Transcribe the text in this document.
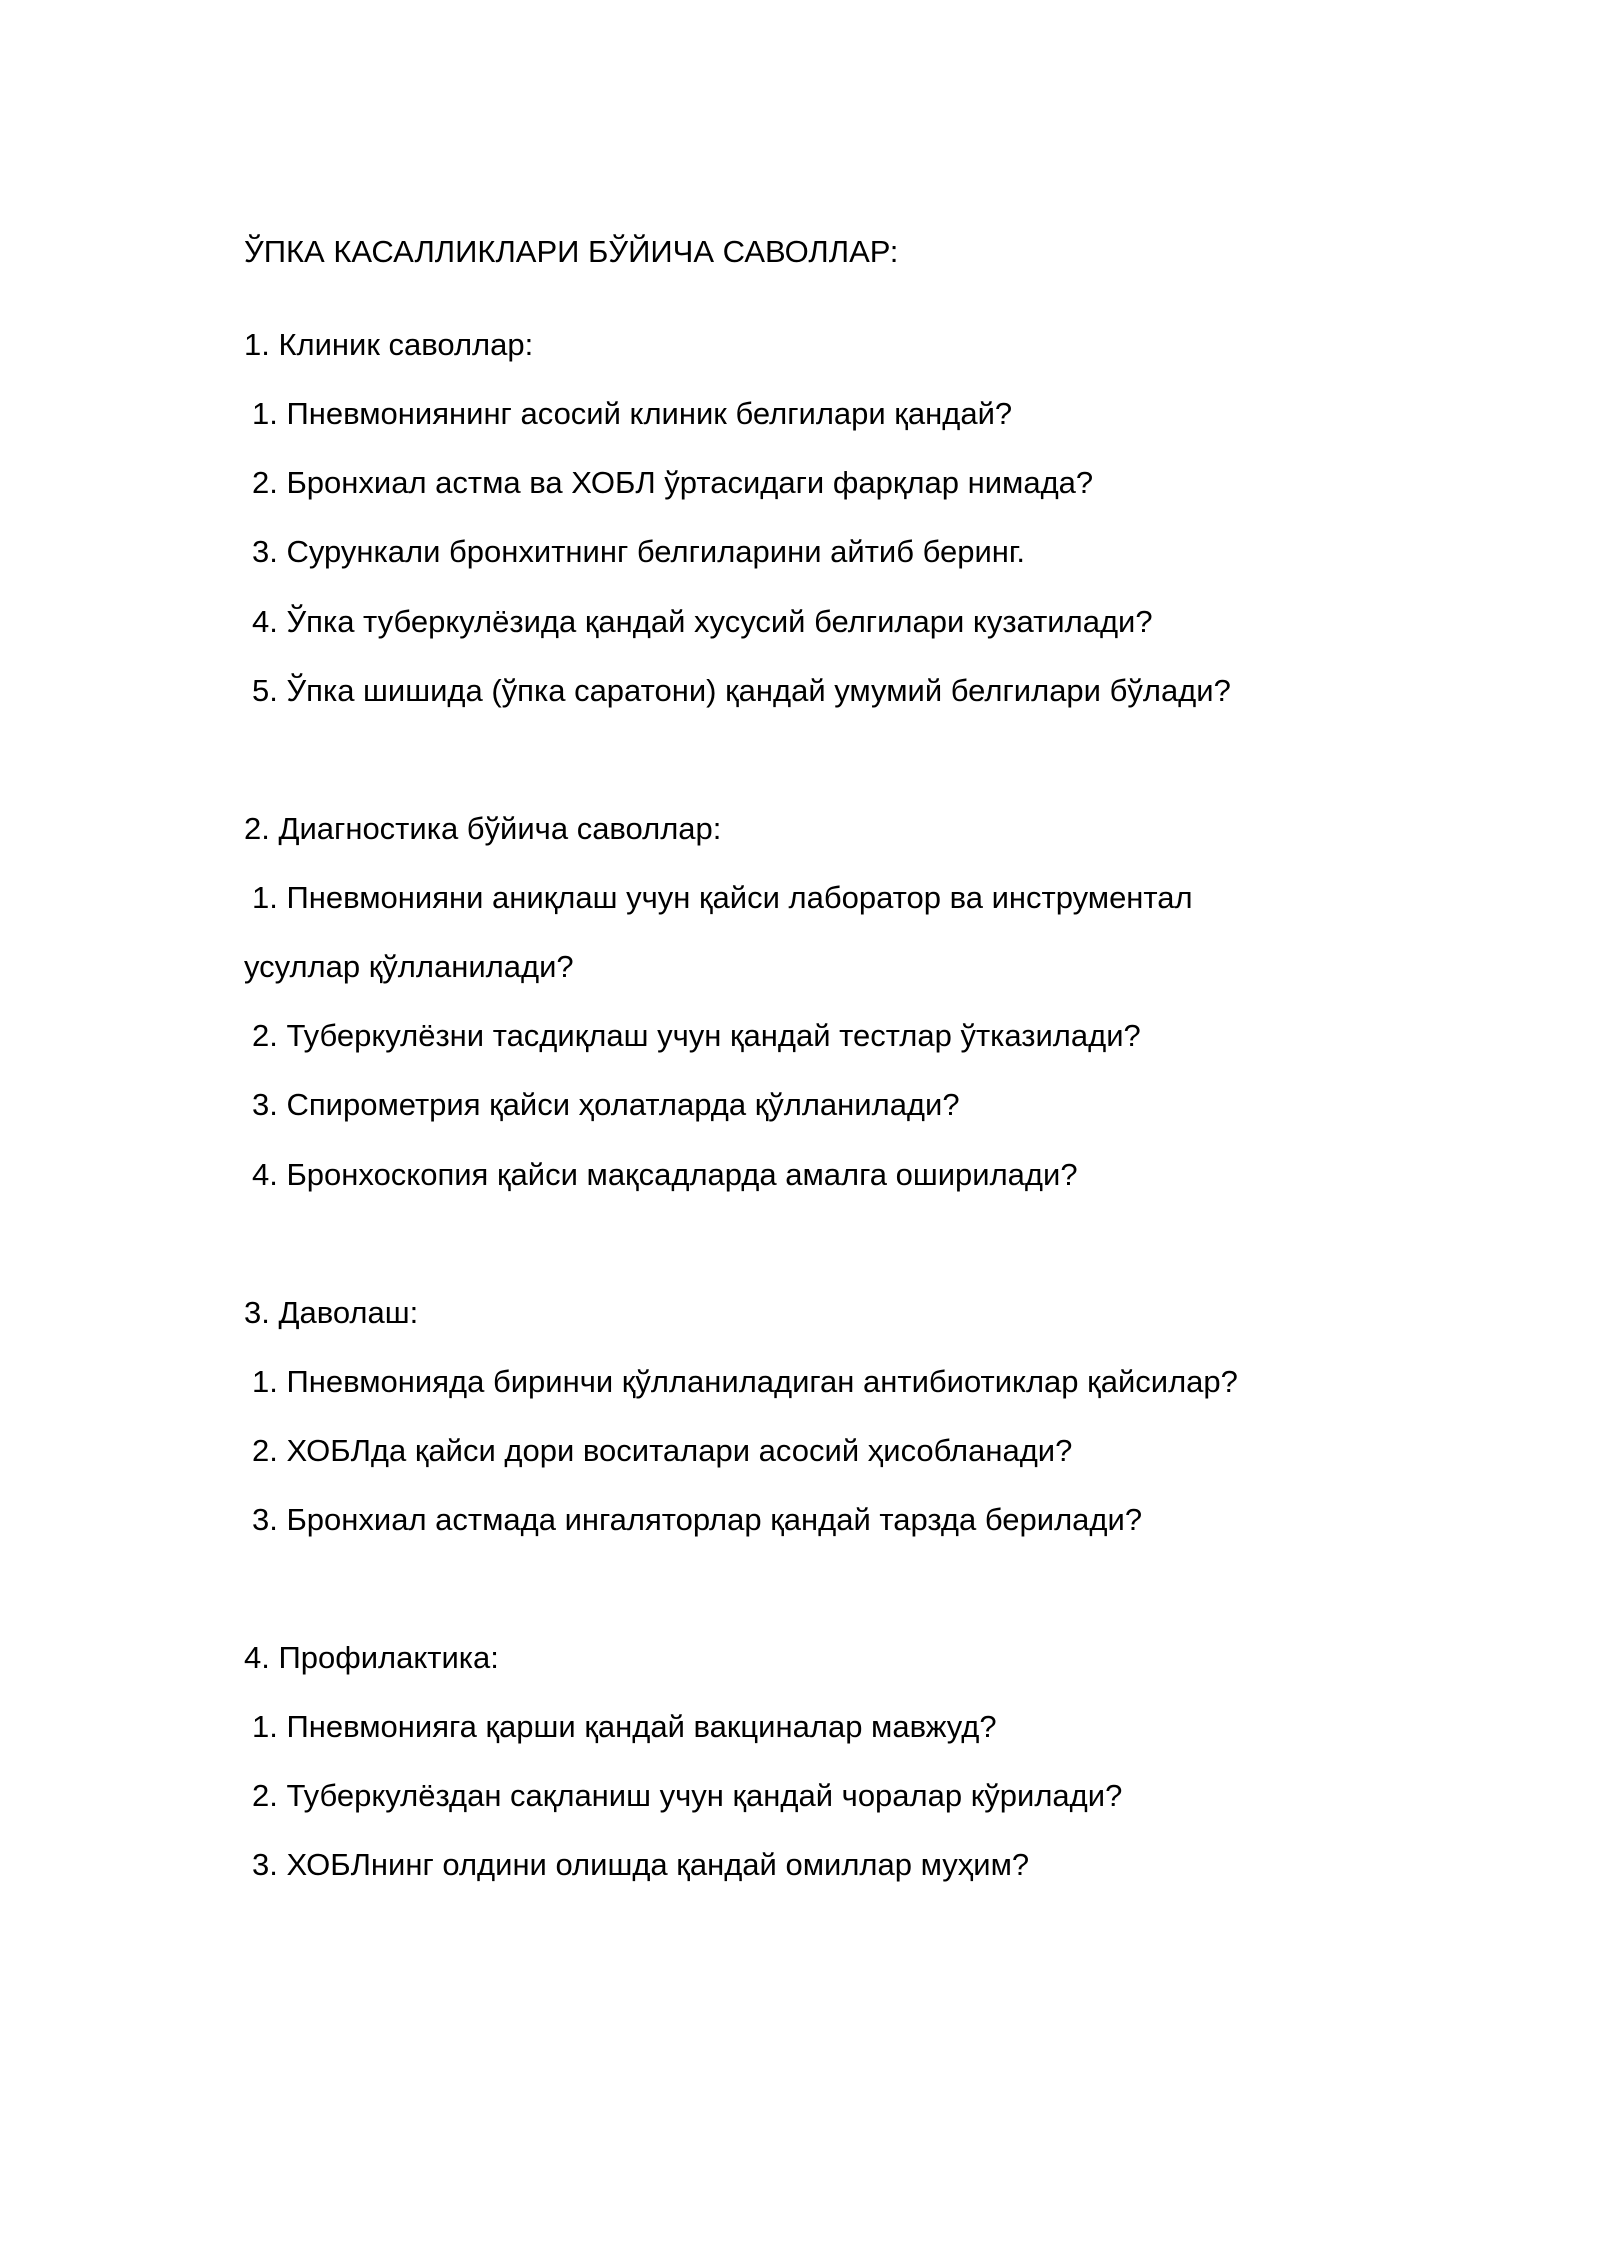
ЎПКА КАСАЛЛИКЛАРИ БЎЙИЧА САВОЛЛАР:

1. Клиник саволлар:

1. Пневмониянинг асосий клиник белгилари қандай?

2. Бронхиал астма ва ХОБЛ ўртасидаги фарқлар нимада?

3. Сурункали бронхитнинг белгиларини айтиб беринг.

4. Ўпка туберкулёзида қандай хусусий белгилари кузатилади?

5. Ўпка шишида (ўпка саратони) қандай умумий белгилари бўлади?

2. Диагностика бўйича саволлар:

1. Пневмонияни аниқлаш учун қайси лаборатор ва инструментал

усуллар қўлланилади?

2. Туберкулёзни тасдиқлаш учун қандай тестлар ўтказилади?

3. Спирометрия қайси ҳолатларда қўлланилади?

4. Бронхоскопия қайси мақсадларда амалга оширилади?

3. Даволаш:

1. Пневмонияда биринчи қўлланиладиган антибиотиклар қайсилар?

2. ХОБЛда қайси дори воситалари асосий ҳисобланади?

3. Бронхиал астмада ингаляторлар қандай тарзда берилади?

4. Профилактика:

1. Пневмонияга қарши қандай вакциналар мавжуд?

2. Туберкулёздан сақланиш учун қандай чоралар кўрилади?

3. ХОБЛнинг олдини олишда қандай омиллар муҳим?
